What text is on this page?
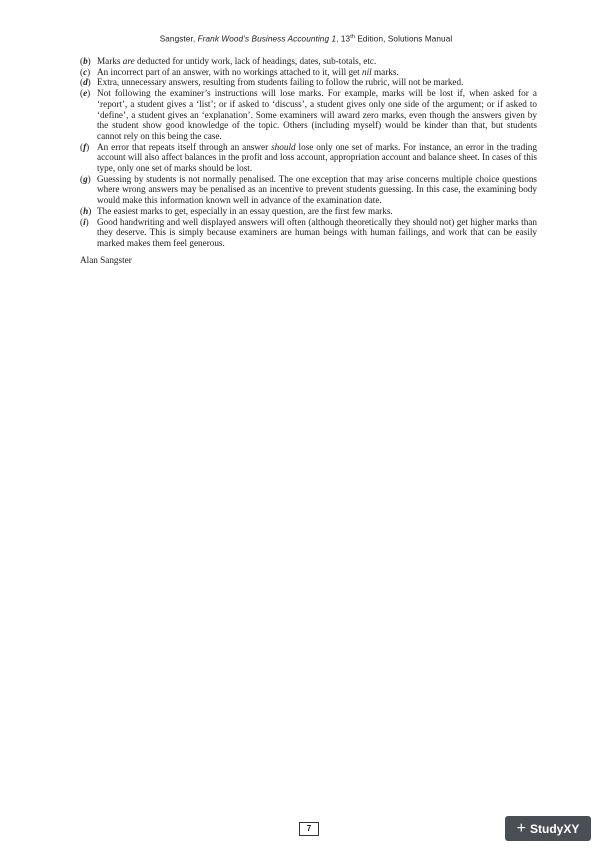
Sangster, Frank Wood’s Business Accounting 1, 13th Edition, Solutions Manual
(b) Marks are deducted for untidy work, lack of headings, dates, sub-totals, etc.
(c) An incorrect part of an answer, with no workings attached to it, will get nil marks.
(d) Extra, unnecessary answers, resulting from students failing to follow the rubric, will not be marked.
(e) Not following the examiner’s instructions will lose marks. For example, marks will be lost if, when asked for a ‘report’, a student gives a ‘list’; or if asked to ‘discuss’, a student gives only one side of the argument; or if asked to ‘define’, a student gives an ‘explanation’. Some examiners will award zero marks, even though the answers given by the student show good knowledge of the topic. Others (including myself) would be kinder than that, but students cannot rely on this being the case.
(f) An error that repeats itself through an answer should lose only one set of marks. For instance, an error in the trading account will also affect balances in the profit and loss account, appropriation account and balance sheet. In cases of this type, only one set of marks should be lost.
(g) Guessing by students is not normally penalised. The one exception that may arise concerns multiple choice questions where wrong answers may be penalised as an incentive to prevent students guessing. In this case, the examining body would make this information known well in advance of the examination date.
(h) The easiest marks to get, especially in an essay question, are the first few marks.
(i) Good handwriting and well displayed answers will often (although theoretically they should not) get higher marks than they deserve. This is simply because examiners are human beings with human failings, and work that can be easily marked makes them feel generous.
Alan Sangster
7	+ StudyXY
